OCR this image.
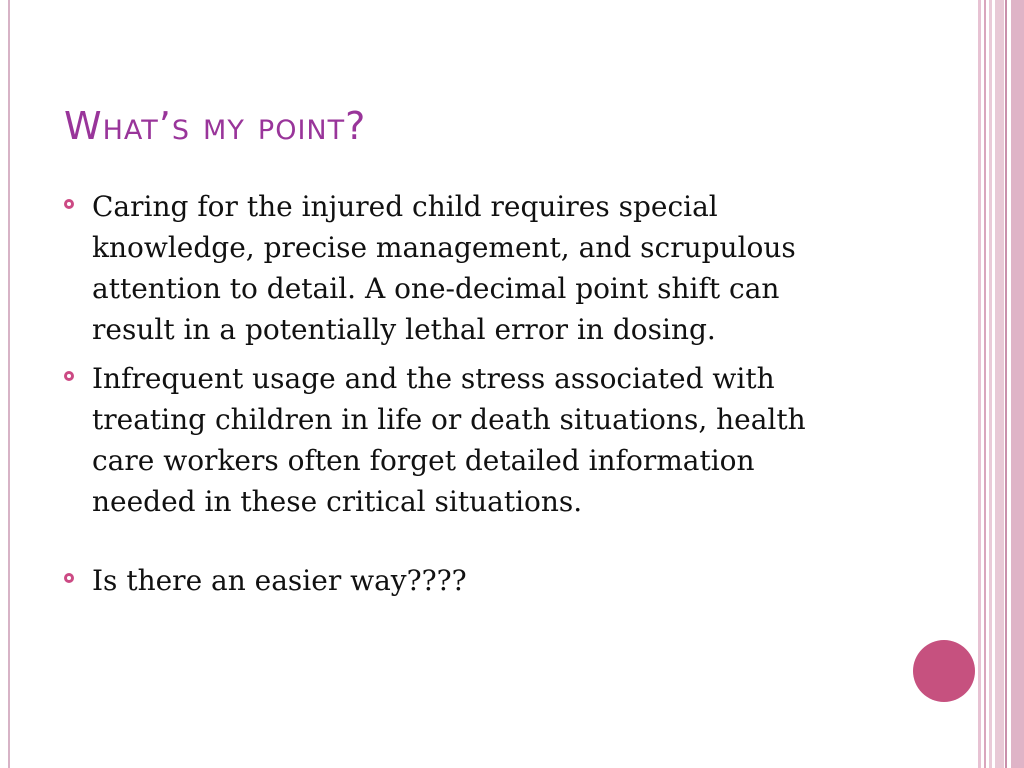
What’s my point?
Caring for the injured child requires special knowledge, precise management, and scrupulous attention to detail. A one-decimal point shift can result in a potentially lethal error in dosing.
Infrequent usage and the stress associated with treating children in life or death situations, health care workers often forget detailed information needed in these critical situations.
Is there an easier way????
